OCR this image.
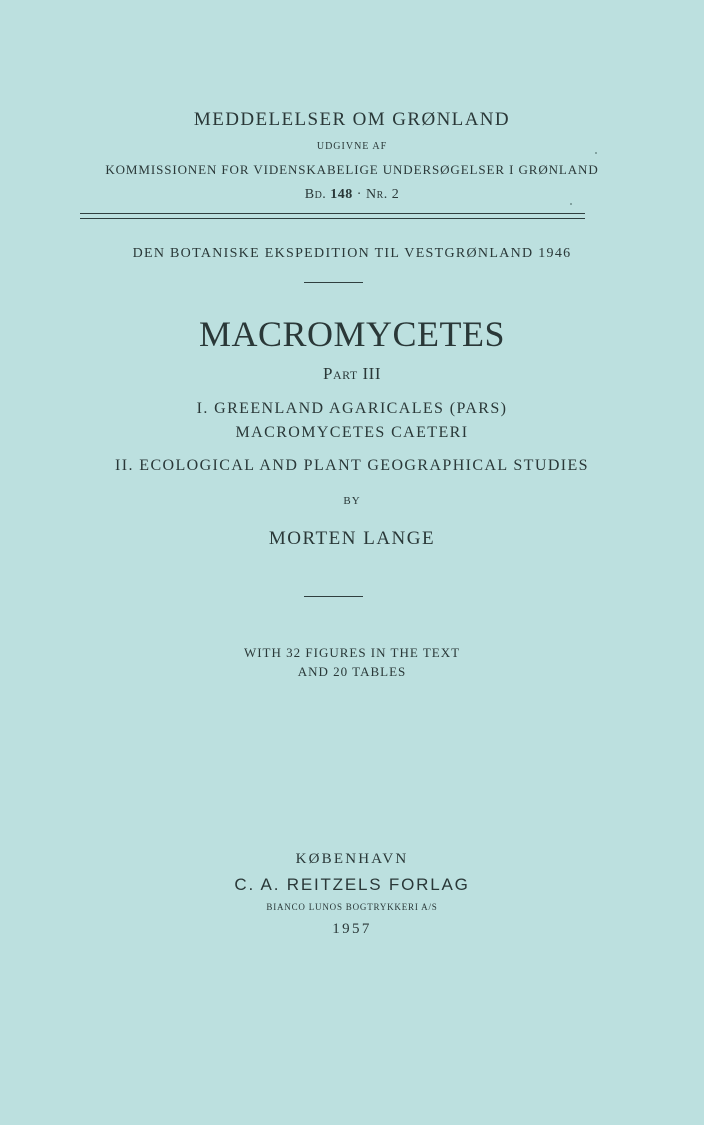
MEDDELELSER OM GRØNLAND
UDGIVNE AF
KOMMISSIONEN FOR VIDENSKABELIGE UNDERSØGELSER I GRØNLAND
Bd. 148 · Nr. 2
DEN BOTANISKE EKSPEDITION TIL VESTGRØNLAND 1946
MACROMYCETES
Part III
I. GREENLAND AGARICALES (PARS)
MACROMYCETES CAETERI
II. ECOLOGICAL AND PLANT GEOGRAPHICAL STUDIES
BY
MORTEN LANGE
WITH 32 FIGURES IN THE TEXT
AND 20 TABLES
KØBENHAVN
C. A. REITZELS FORLAG
BIANCO LUNOS BOGTRYKKERI A/S
1957
